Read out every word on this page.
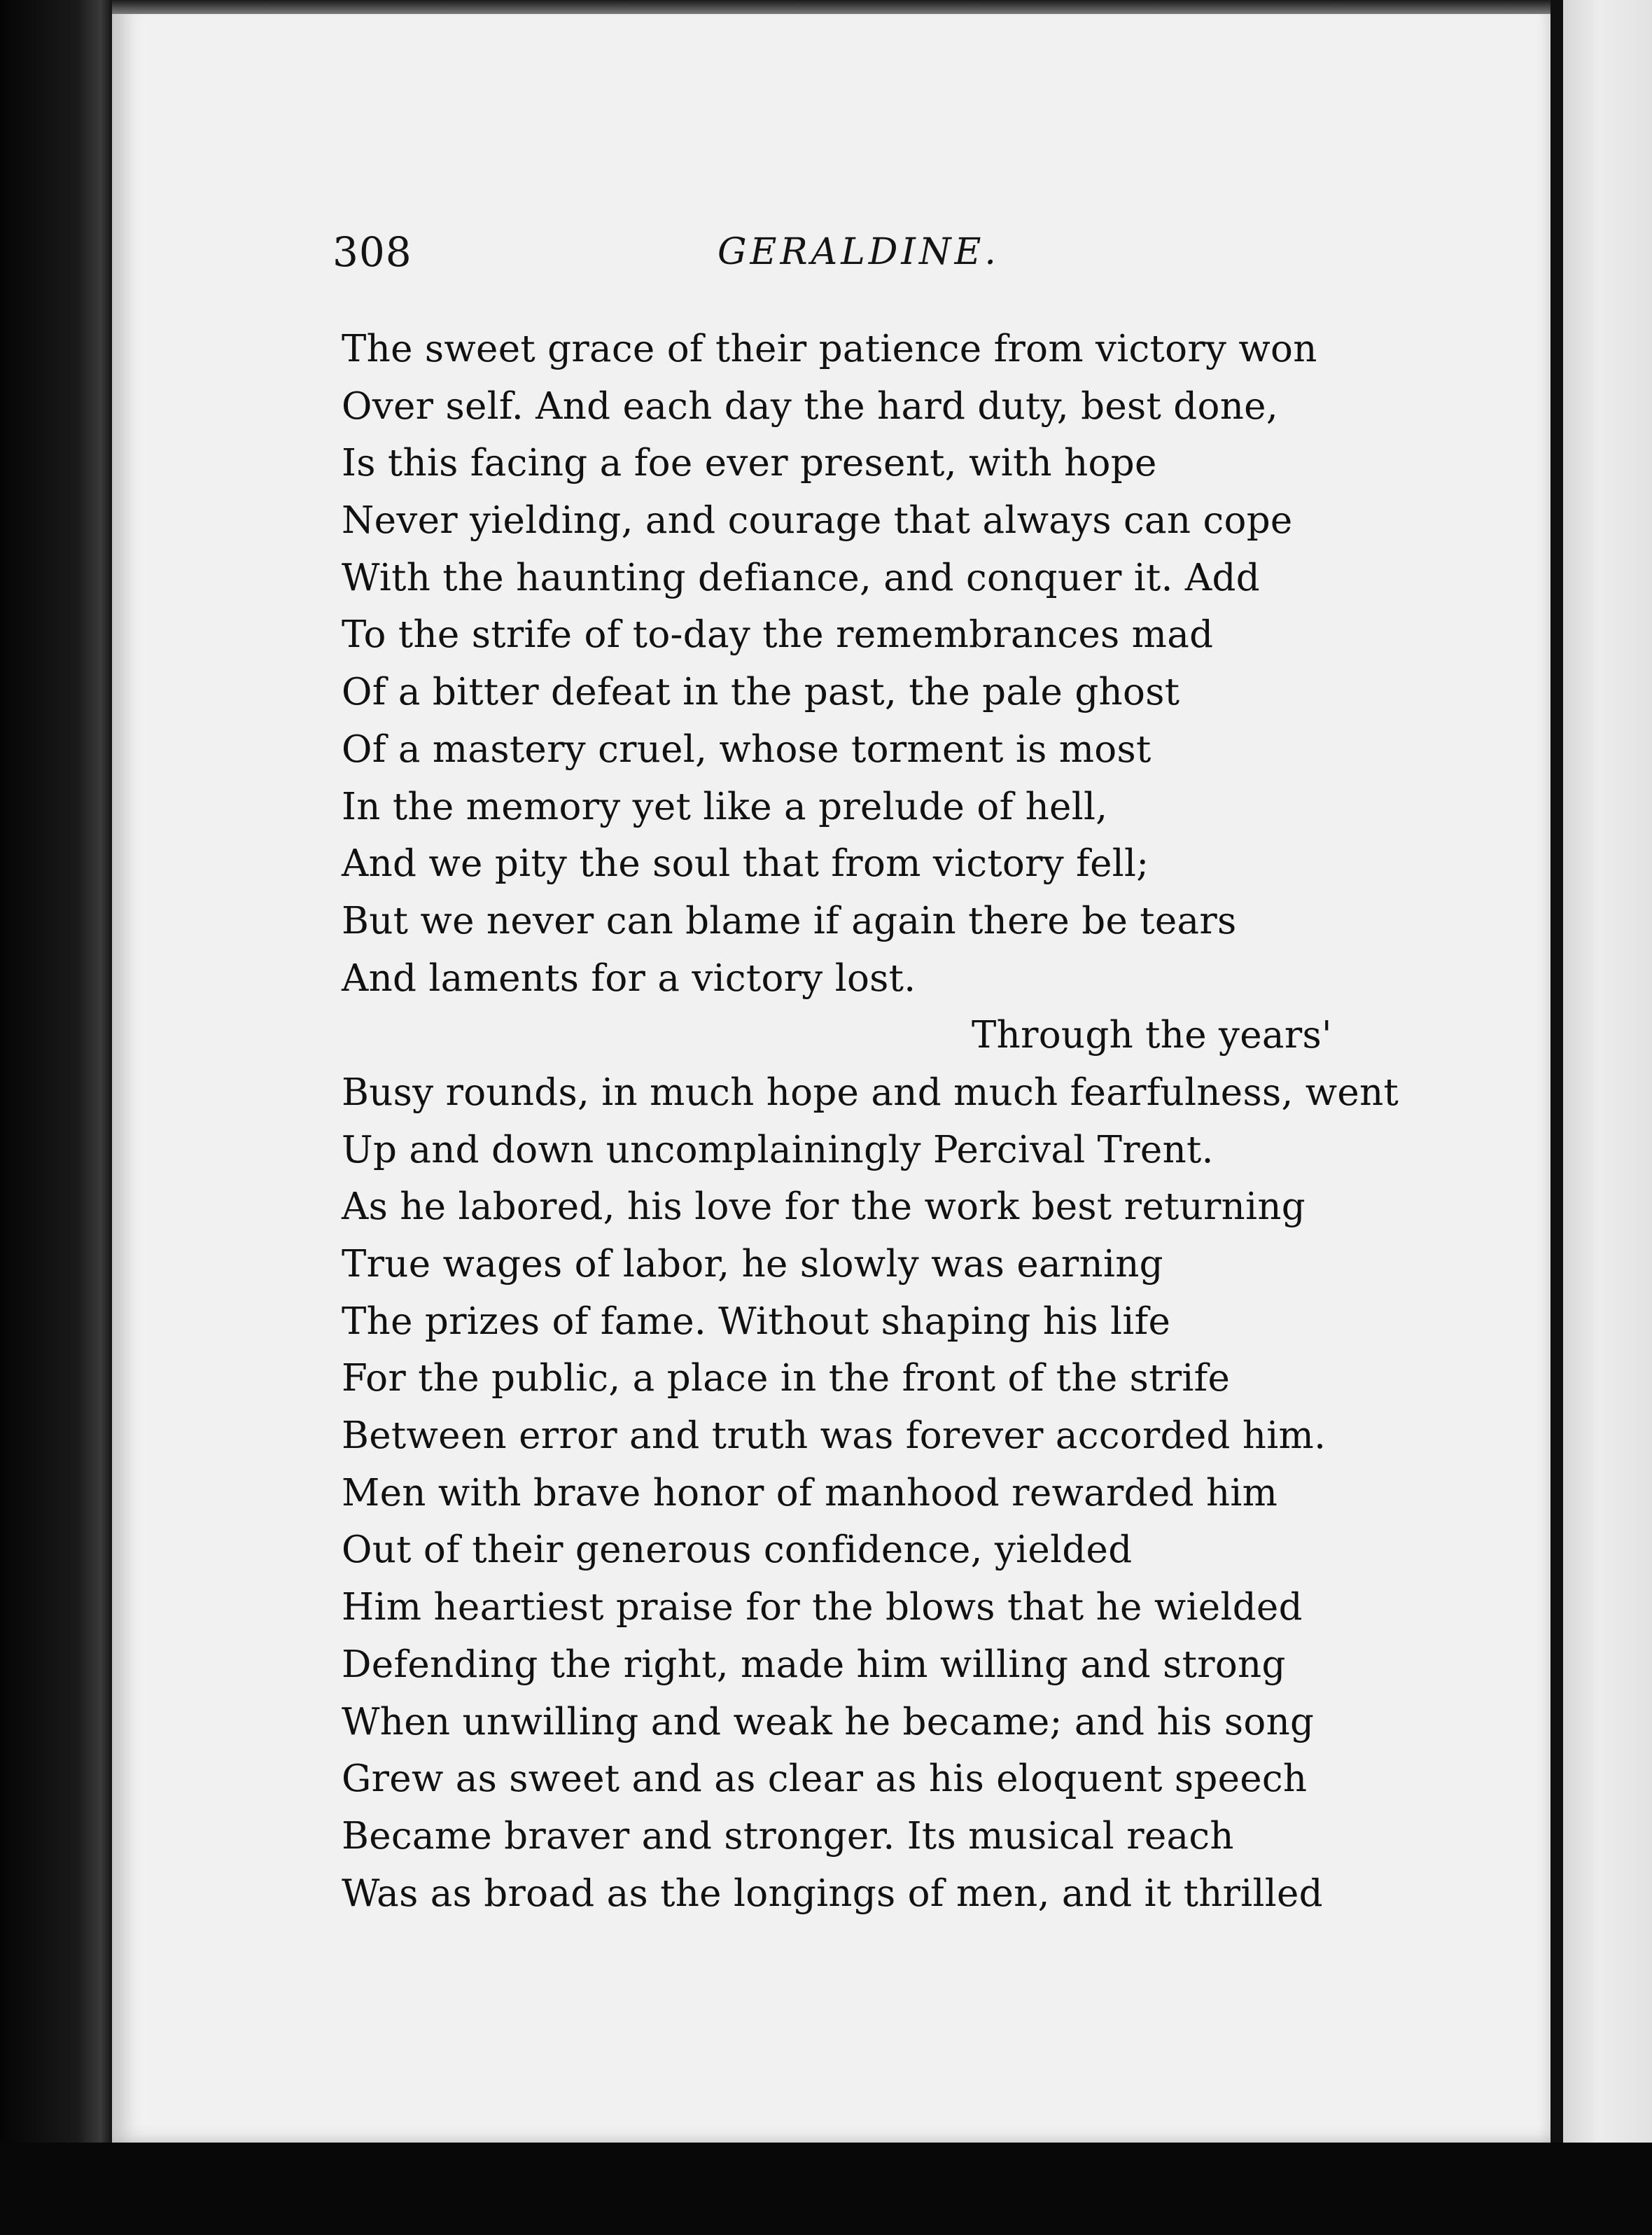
308	GERALDINE.
The sweet grace of their patience from victory won
Over self. And each day the hard duty, best done,
Is this facing a foe ever present, with hope
Never yielding, and courage that always can cope
With the haunting defiance, and conquer it. Add
To the strife of to-day the remembrances mad
Of a bitter defeat in the past, the pale ghost
Of a mastery cruel, whose torment is most
In the memory yet like a prelude of hell,
And we pity the soul that from victory fell;
But we never can blame if again there be tears
And laments for a victory lost.
Through the years'
Busy rounds, in much hope and much fearfulness, went
Up and down uncomplainingly Percival Trent.
As he labored, his love for the work best returning
True wages of labor, he slowly was earning
The prizes of fame. Without shaping his life
For the public, a place in the front of the strife
Between error and truth was forever accorded him.
Men with brave honor of manhood rewarded him
Out of their generous confidence, yielded
Him heartiest praise for the blows that he wielded
Defending the right, made him willing and strong
When unwilling and weak he became; and his song
Grew as sweet and as clear as his eloquent speech
Became braver and stronger. Its musical reach
Was as broad as the longings of men, and it thrilled
